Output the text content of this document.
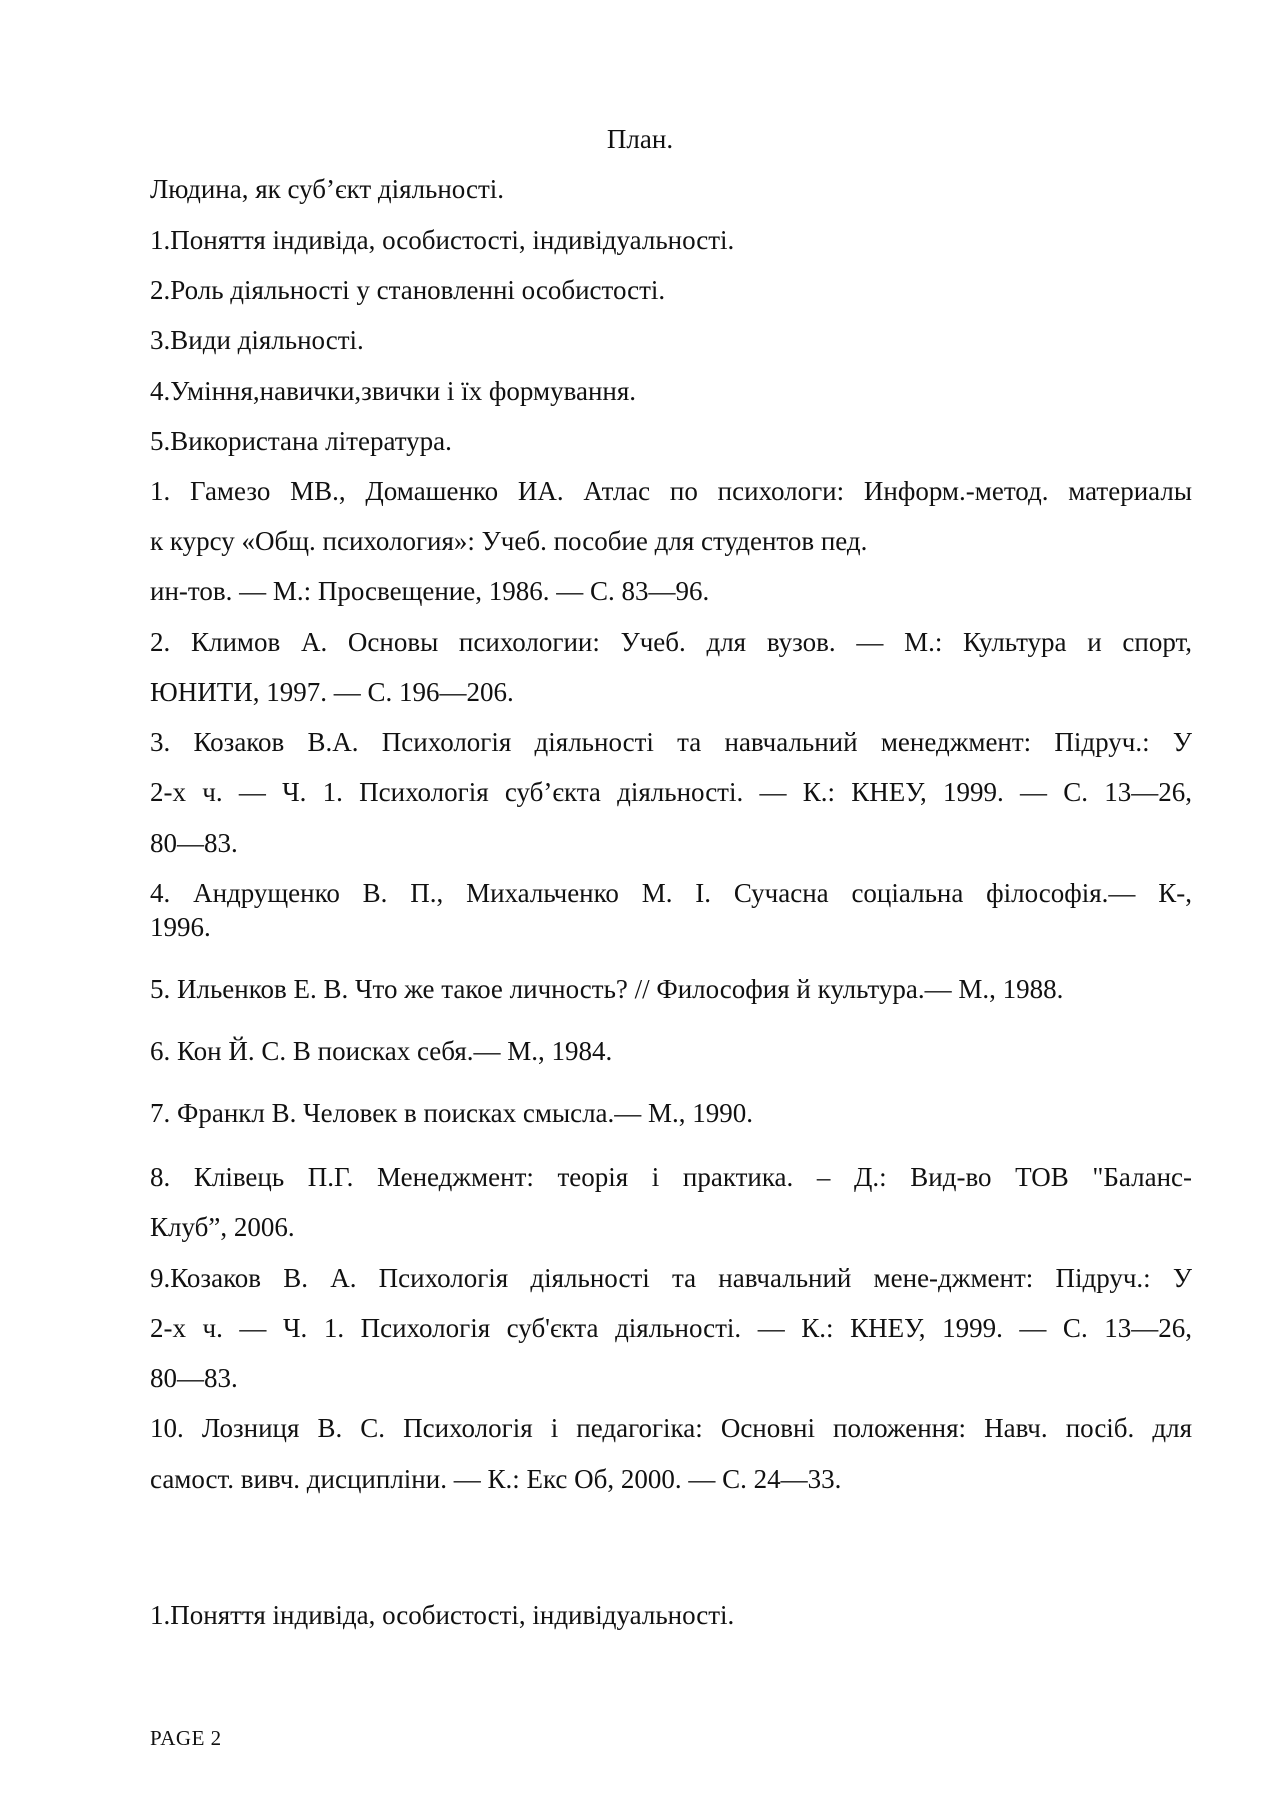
План.
Людина, як суб’єкт діяльності.
1.Поняття індивіда, особистості, індивідуальності.
2.Роль діяльності у становленні особистості.
3.Види діяльності.
4.Уміння,навички,звички і їх формування.
5.Використана література.
1. Гамезо МВ., Домашенко ИА. Атлас по психологи: Информ.-метод. материалы
к курсу «Общ. психология»: Учеб. пособие для студентов пед.
ин-тов. — М.: Просвещение, 1986. — С. 83—96.
2. Климов А. Основы психологии: Учеб. для вузов. — М.: Культура и спорт,
ЮНИТИ, 1997. — С. 196—206.
3. Козаков В.А. Психологія діяльності та навчальний менеджмент: Підруч.: У
2-х ч. — Ч. 1. Психологія суб’єкта діяльності. — К.: КНЕУ, 1999. — С. 13—26,
80—83.
4. Андрущенко В. П., Михальченко М. І. Сучасна соціальна філософія.— К-,
1996.
5. Ильенков Е. В. Что же такое личность? // Философия й культура.— М., 1988.
6. Кон Й. С. В поисках себя.— М., 1984.
7. Франкл В. Человек в поисках смысла.— М., 1990.
8. Клівець П.Г. Менеджмент: теорія і практика. – Д.: Вид-во ТОВ "Баланс-
Клуб”, 2006.
9.Козаков В. А. Психологія діяльності та навчальний мене-джмент: Підруч.: У
2-х ч. — Ч. 1. Психологія суб'єкта діяльності. — К.: КНЕУ, 1999. — С. 13—26,
80—83.
10. Лозниця В. С. Психологія і педагогіка: Основні положення: Навч. посіб. для
самост. вивч. дисципліни. — К.: Екс Об, 2000. — С. 24—33.
1.Поняття індивіда, особистості, індивідуальності.
PAGE 2
